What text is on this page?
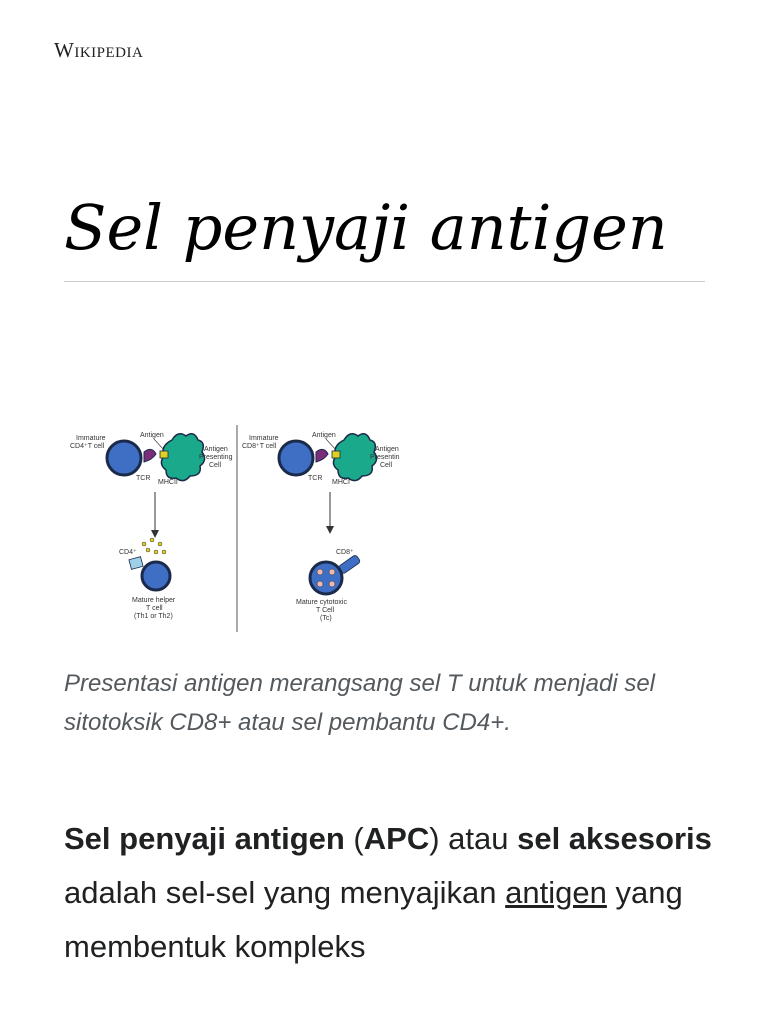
Wikipedia
Sel penyaji antigen
Immature
CD4⁺T cell
Antigen
Antigen
Presenting
Cell
TCR
MHCII
CD4⁺
Mature helper
T cell
(Th1 or Th2)
Immature
CD8⁺T cell
Antigen
Antigen
Presentin
Cell
TCR
MHCI
CD8⁺
Mature cytotoxic
T Cell
(Tc)
Presentasi antigen merangsang sel T untuk menjadi sel sitotoksik CD8+ atau sel pembantu CD4+.

Sel penyaji antigen (APC) atau sel aksesoris adalah sel-sel yang menyajikan antigen yang membentuk kompleks
